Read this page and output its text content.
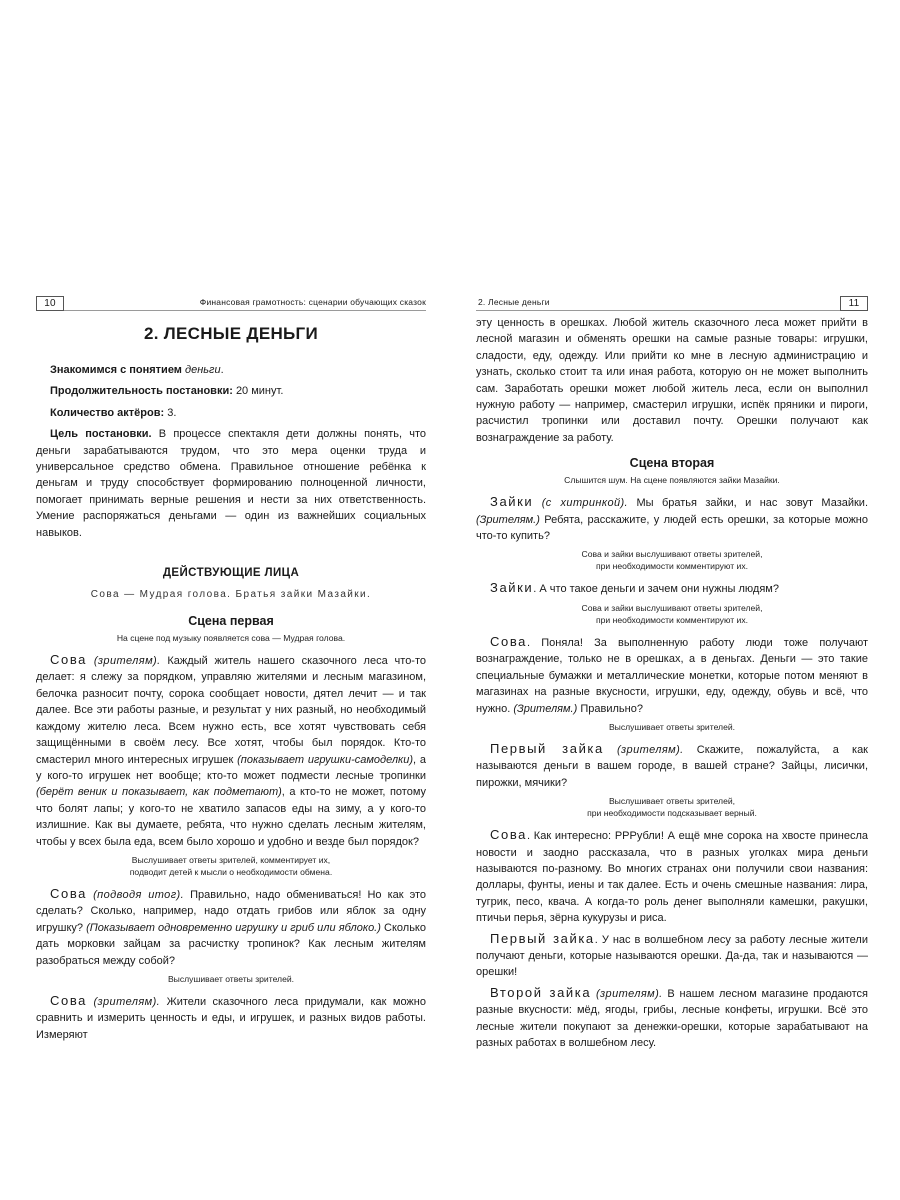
10	Финансовая грамотность: сценарии обучающих сказок
2. ЛЕСНЫЕ ДЕНЬГИ

Знакомимся с понятием деньги.

Продолжительность постановки: 20 минут.

Количество актёров: 3.

Цель постановки. В процессе спектакля дети должны понять, что деньги зарабатываются трудом, что это мера оценки труда и универсальное средство обмена. Правильное отношение ребёнка к деньгам и труду способствует формированию полноценной личности, помогает принимать верные решения и нести за них ответственность. Умение распоряжаться деньгами — один из важнейших социальных навыков.

ДЕЙСТВУЮЩИЕ ЛИЦА
Сова — Мудрая голова. Братья зайки Мазайки.
Сцена первая
На сцене под музыку появляется сова — Мудрая голова.

Сова (зрителям). Каждый житель нашего сказочного леса что-то делает: я слежу за порядком, управляю жителями и лесным магазином, белочка разносит почту, сорока сообщает новости, дятел лечит — и так далее. Все эти работы разные, и результат у них разный, но необходимый каждому жителю леса. Всем нужно есть, все хотят чувствовать себя защищёнными в своём лесу. Все хотят, чтобы был порядок. Кто-то смастерил много интересных игрушек (показывает игрушки-самоделки), а у кого-то игрушек нет вообще; кто-то может подмести лесные тропинки (берёт веник и показывает, как подметают), а кто-то не может, потому что болят лапы; у кого-то не хватило запасов еды на зиму, а у кого-то излишние. Как вы думаете, ребята, что нужно сделать лесным жителям, чтобы у всех была еда, всем было хорошо и удобно и везде был порядок?

Выслушивает ответы зрителей, комментирует их,
подводит детей к мысли о необходимости обмена.

Сова (подводя итог). Правильно, надо обмениваться! Но как это сделать? Сколько, например, надо отдать грибов или яблок за одну игрушку? (Показывает одновременно игрушку и гриб или яблоко.) Сколько дать морковки зайцам за расчистку тропинок? Как лесным жителям разобраться между собой?

Выслушивает ответы зрителей.

Сова (зрителям). Жители сказочного леса придумали, как можно сравнить и измерить ценность и еды, и игрушек, и разных видов работы. Измеряют

2. Лесные деньги	11

эту ценность в орешках. Любой житель сказочного леса может прийти в лесной магазин и обменять орешки на самые разные товары: игрушки, сладости, еду, одежду. Или прийти ко мне в лесную администрацию и узнать, сколько стоит та или иная работа, которую он не может выполнить сам. Заработать орешки может любой житель леса, если он выполнил нужную работу — например, смастерил игрушки, испёк пряники и пироги, расчистил тропинки или доставил почту. Орешки получают как вознаграждение за работу.

Сцена вторая
Слышится шум. На сцене появляются зайки Мазайки.

Зайки (с хитринкой). Мы братья зайки, и нас зовут Мазайки. (Зрителям.) Ребята, расскажите, у людей есть орешки, за которые можно что-то купить?

Сова и зайки выслушивают ответы зрителей,
при необходимости комментируют их.

Зайки. А что такое деньги и зачем они нужны людям?

Сова и зайки выслушивают ответы зрителей,
при необходимости комментируют их.

Сова. Поняла! За выполненную работу люди тоже получают вознаграждение, только не в орешках, а в деньгах. Деньги — это такие специальные бумажки и металлические монетки, которые потом меняют в магазинах на разные вкусности, игрушки, еду, одежду, обувь и всё, что нужно. (Зрителям.) Правильно?

Выслушивает ответы зрителей.

Первый зайка (зрителям). Скажите, пожалуйста, а как называются деньги в вашем городе, в вашей стране? Зайцы, лисички, пирожки, мячики?

Выслушивает ответы зрителей,
при необходимости подсказывает верный.

Сова. Как интересно: РРРубли! А ещё мне сорока на хвосте принесла новости и заодно рассказала, что в разных уголках мира деньги называются по-разному. Во многих странах они получили свои названия: доллары, фунты, иены и так далее. Есть и очень смешные названия: лира, тугрик, песо, квача. А когда-то роль денег выполняли камешки, ракушки, птичьи перья, зёрна кукурузы и риса.

Первый зайка. У нас в волшебном лесу за работу лесные жители получают деньги, которые называются орешки. Да-да, так и называются — орешки!

Второй зайка (зрителям). В нашем лесном магазине продаются разные вкусности: мёд, ягоды, грибы, лесные конфеты, игрушки. Всё это лесные жители покупают за денежки-орешки, которые зарабатывают на разных работах в волшебном лесу.
